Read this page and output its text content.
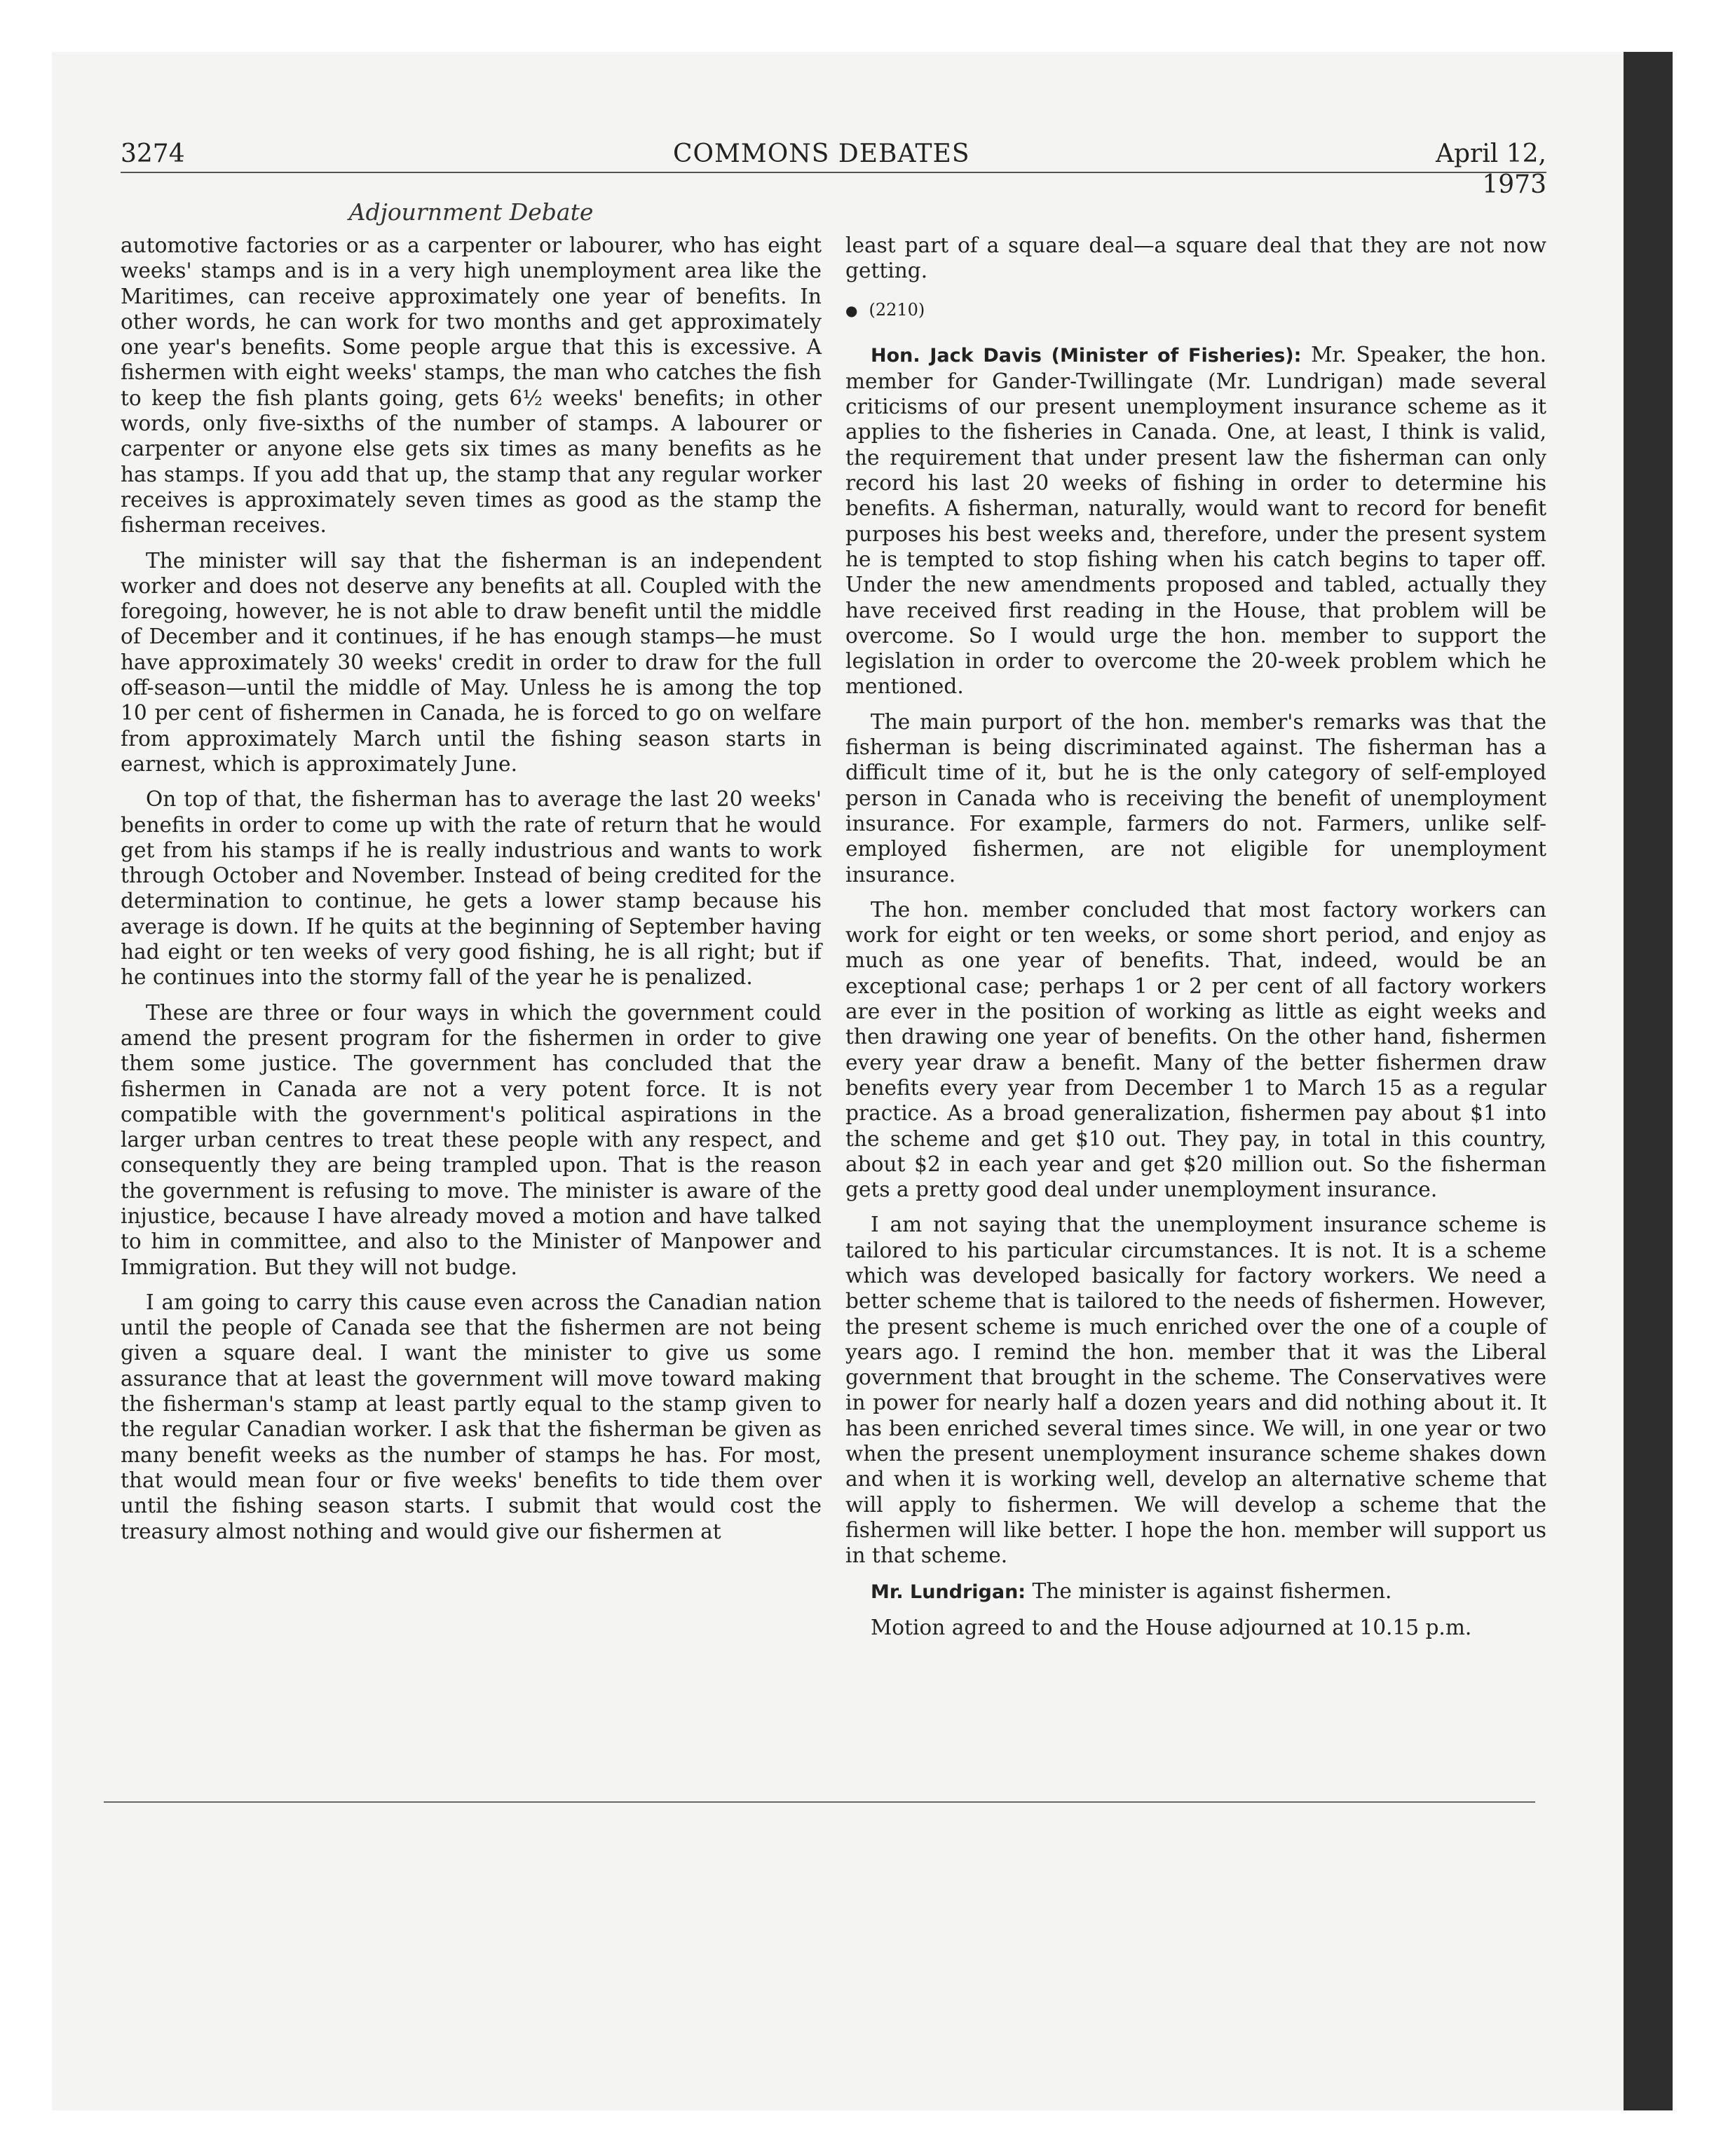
3274	COMMONS DEBATES	April 12, 1973
Adjournment Debate

automotive factories or as a carpenter or labourer, who has eight weeks' stamps and is in a very high unemployment area like the Maritimes, can receive approximately one year of benefits. In other words, he can work for two months and get approximately one year's benefits. Some people argue that this is excessive. A fishermen with eight weeks' stamps, the man who catches the fish to keep the fish plants going, gets 6½ weeks' benefits; in other words, only five-sixths of the number of stamps. A labourer or carpenter or anyone else gets six times as many benefits as he has stamps. If you add that up, the stamp that any regular worker receives is approximately seven times as good as the stamp the fisherman receives.

The minister will say that the fisherman is an independent worker and does not deserve any benefits at all. Coupled with the foregoing, however, he is not able to draw benefit until the middle of December and it continues, if he has enough stamps—he must have approximately 30 weeks' credit in order to draw for the full off-season—until the middle of May. Unless he is among the top 10 per cent of fishermen in Canada, he is forced to go on welfare from approximately March until the fishing season starts in earnest, which is approximately June.

On top of that, the fisherman has to average the last 20 weeks' benefits in order to come up with the rate of return that he would get from his stamps if he is really industrious and wants to work through October and November. Instead of being credited for the determination to continue, he gets a lower stamp because his average is down. If he quits at the beginning of September having had eight or ten weeks of very good fishing, he is all right; but if he continues into the stormy fall of the year he is penalized.

These are three or four ways in which the government could amend the present program for the fishermen in order to give them some justice. The government has concluded that the fishermen in Canada are not a very potent force. It is not compatible with the government's political aspirations in the larger urban centres to treat these people with any respect, and consequently they are being trampled upon. That is the reason the government is refusing to move. The minister is aware of the injustice, because I have already moved a motion and have talked to him in committee, and also to the Minister of Manpower and Immigration. But they will not budge.

I am going to carry this cause even across the Canadian nation until the people of Canada see that the fishermen are not being given a square deal. I want the minister to give us some assurance that at least the government will move toward making the fisherman's stamp at least partly equal to the stamp given to the regular Canadian worker. I ask that the fisherman be given as many benefit weeks as the number of stamps he has. For most, that would mean four or five weeks' benefits to tide them over until the fishing season starts. I submit that would cost the treasury almost nothing and would give our fishermen at

least part of a square deal—a square deal that they are not now getting.

● (2210)

Hon. Jack Davis (Minister of Fisheries): Mr. Speaker, the hon. member for Gander-Twillingate (Mr. Lundrigan) made several criticisms of our present unemployment insurance scheme as it applies to the fisheries in Canada. One, at least, I think is valid, the requirement that under present law the fisherman can only record his last 20 weeks of fishing in order to determine his benefits. A fisherman, naturally, would want to record for benefit purposes his best weeks and, therefore, under the present system he is tempted to stop fishing when his catch begins to taper off. Under the new amendments proposed and tabled, actually they have received first reading in the House, that problem will be overcome. So I would urge the hon. member to support the legislation in order to overcome the 20-week problem which he mentioned.

The main purport of the hon. member's remarks was that the fisherman is being discriminated against. The fisherman has a difficult time of it, but he is the only category of self-employed person in Canada who is receiving the benefit of unemployment insurance. For example, farmers do not. Farmers, unlike self-employed fishermen, are not eligible for unemployment insurance.

The hon. member concluded that most factory workers can work for eight or ten weeks, or some short period, and enjoy as much as one year of benefits. That, indeed, would be an exceptional case; perhaps 1 or 2 per cent of all factory workers are ever in the position of working as little as eight weeks and then drawing one year of benefits. On the other hand, fishermen every year draw a benefit. Many of the better fishermen draw benefits every year from December 1 to March 15 as a regular practice. As a broad generalization, fishermen pay about $1 into the scheme and get $10 out. They pay, in total in this country, about $2 in each year and get $20 million out. So the fisherman gets a pretty good deal under unemployment insurance.

I am not saying that the unemployment insurance scheme is tailored to his particular circumstances. It is not. It is a scheme which was developed basically for factory workers. We need a better scheme that is tailored to the needs of fishermen. However, the present scheme is much enriched over the one of a couple of years ago. I remind the hon. member that it was the Liberal government that brought in the scheme. The Conservatives were in power for nearly half a dozen years and did nothing about it. It has been enriched several times since. We will, in one year or two when the present unemployment insurance scheme shakes down and when it is working well, develop an alternative scheme that will apply to fishermen. We will develop a scheme that the fishermen will like better. I hope the hon. member will support us in that scheme.

Mr. Lundrigan: The minister is against fishermen.

Motion agreed to and the House adjourned at 10.15 p.m.
